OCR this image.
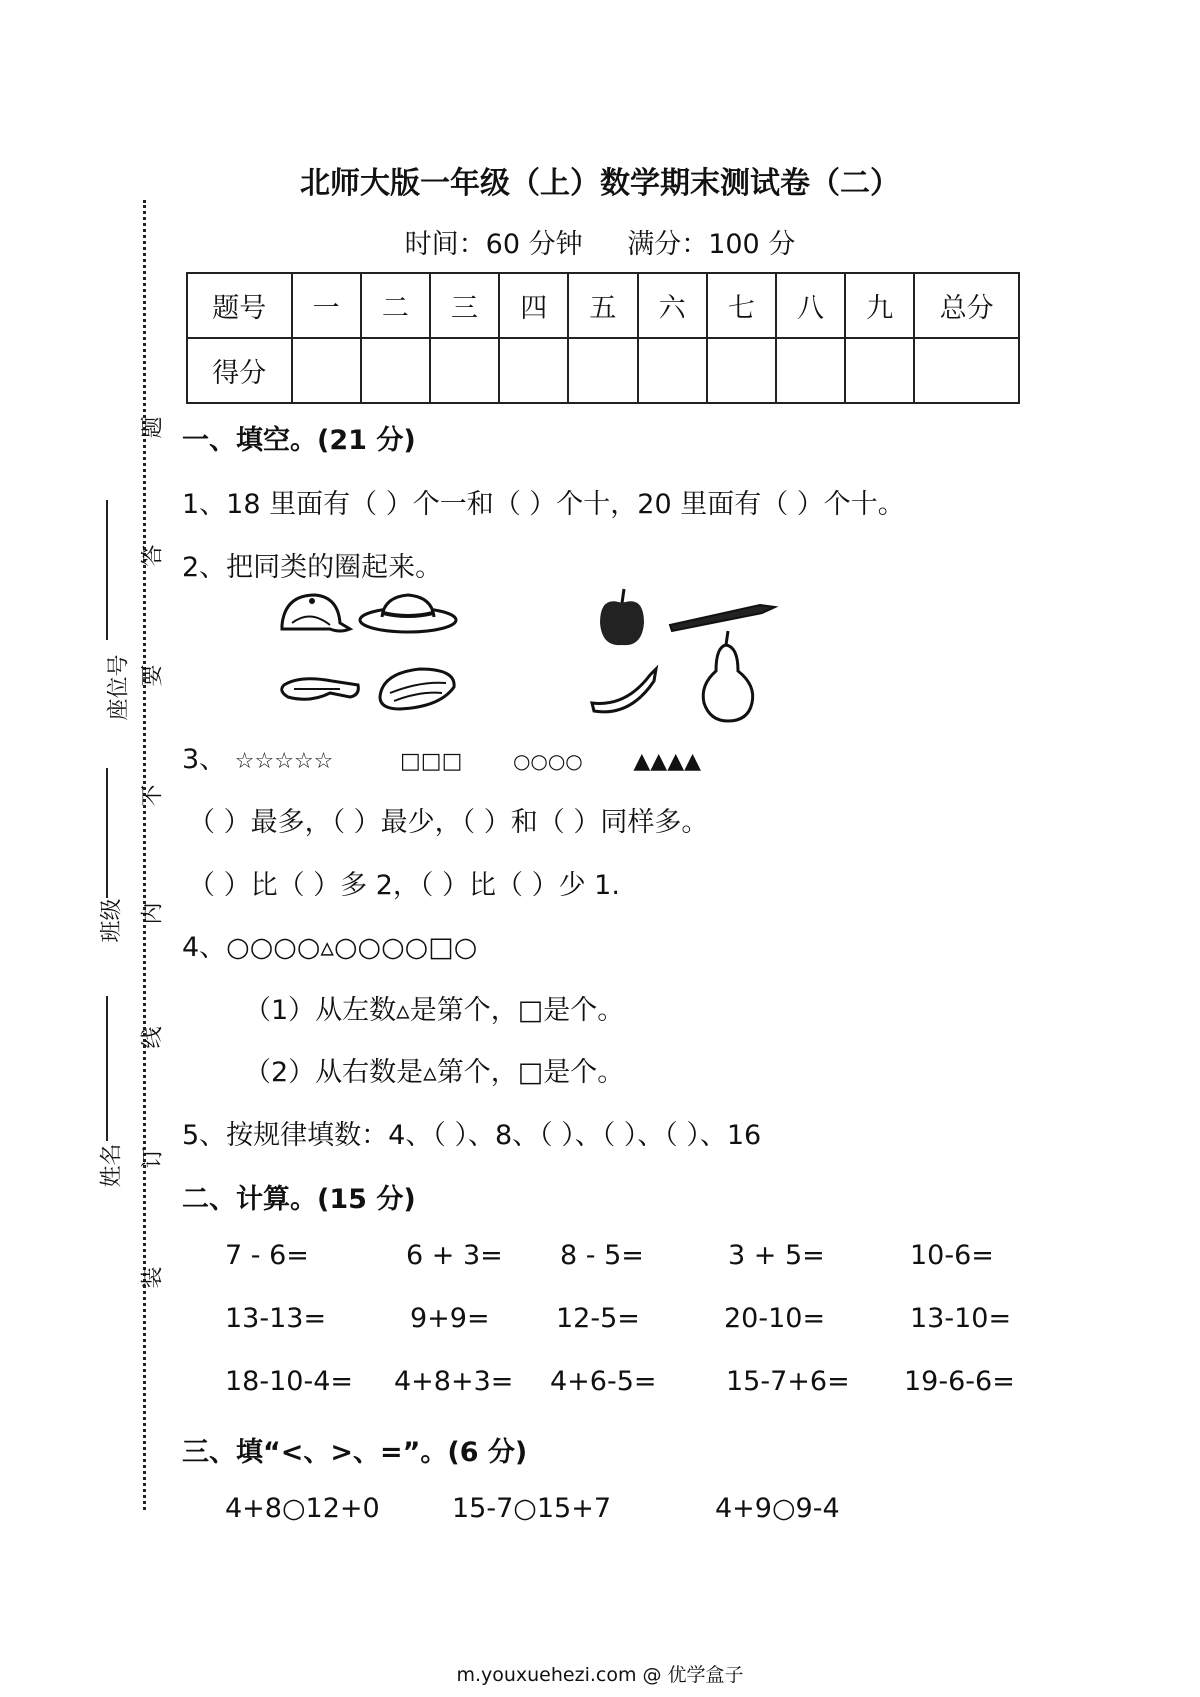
北师大版一年级（上）数学期末测试卷（二）
时间：60 分钟 满分：100 分
题号	一	二	三	四	五	六	七	八	九	总分
得分										
一、填空。(21 分)
1、18 里面有（ ）个一和（ ）个十，20 里面有（ ）个十。
2、把同类的圈起来。
3、 ☆☆☆☆☆	□□□	○○○○ ▲▲▲▲
（ ）最多，（ ）最少，（ ）和（ ）同样多。
（ ）比（ ）多 2，（ ）比（ ）少 1.
4、○○○○▵○○○○□○
（1）从左数▵是第个，□是个。
（2）从右数是▵第个，□是个。
5、按规律填数：4、（ ）、8、（ ）、（ ）、（ ）、16
二、计算。(15 分)
7 - 6=	6 + 3= 8 - 5=	3 + 5=	10-6=
13-13=	9+9= 12-5=	20-10=	13-10=
18-10-4= 4+8+3= 4+6-5=	15-7+6= 19-6-6=
三、填“<、>、=”。(6 分)
4+8○12+0	15-7○15+7	4+9○9-4
座位号
班级
姓名
题
答
要
不
内
线
订
装
m.youxuehezi.com @ 优学盒子
